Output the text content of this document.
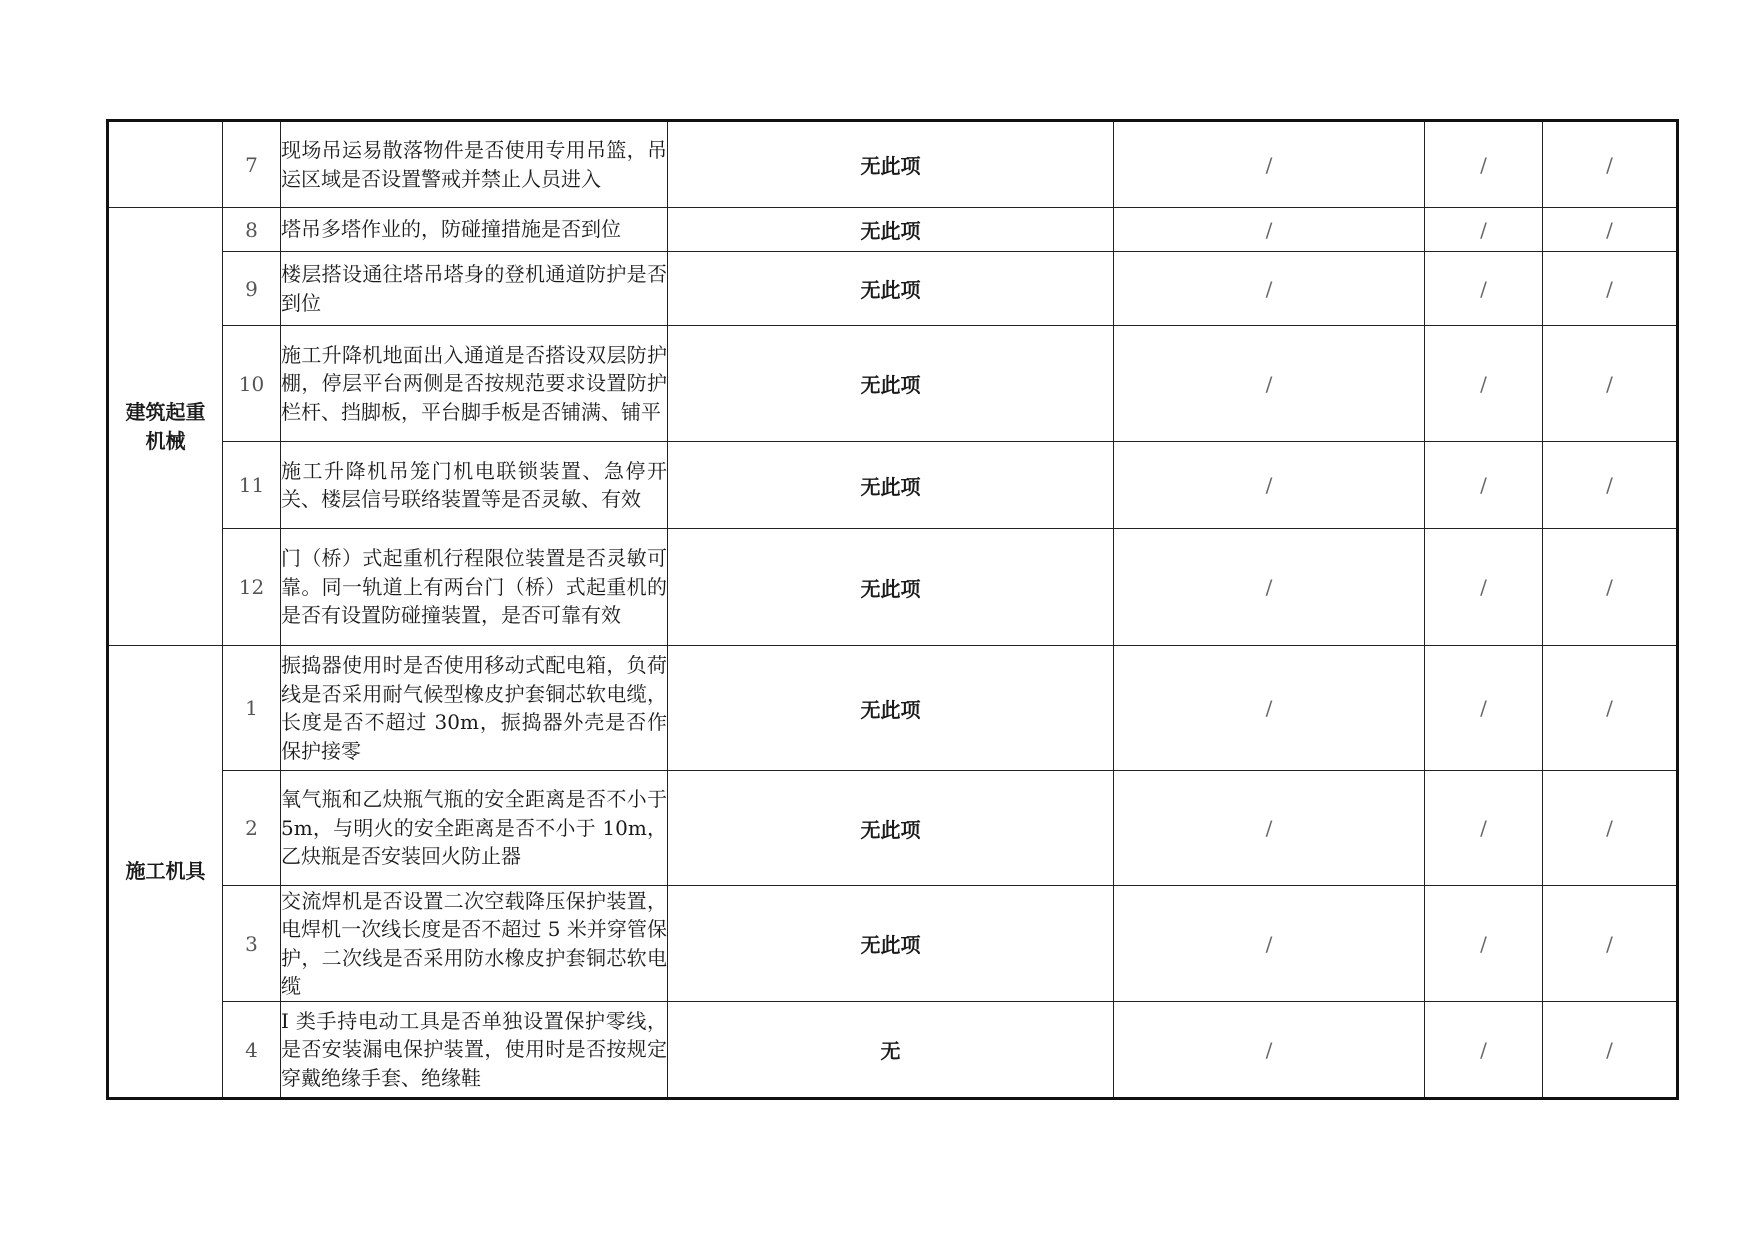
	7	现场吊运易散落物件是否使用专用吊篮，吊运区域是否设置警戒并禁止人员进入	无此项	/	/	/
建筑起重机械	8	塔吊多塔作业的，防碰撞措施是否到位	无此项	/	/	/
	9	楼层搭设通往塔吊塔身的登机通道防护是否到位	无此项	/	/	/
	10	施工升降机地面出入通道是否搭设双层防护棚，停层平台两侧是否按规范要求设置防护栏杆、挡脚板，平台脚手板是否铺满、铺平	无此项	/	/	/
	11	施工升降机吊笼门机电联锁装置、急停开关、楼层信号联络装置等是否灵敏、有效	无此项	/	/	/
	12	门（桥）式起重机行程限位装置是否灵敏可靠。同一轨道上有两台门（桥）式起重机的是否有设置防碰撞装置，是否可靠有效	无此项	/	/	/
施工机具	1	振捣器使用时是否使用移动式配电箱，负荷线是否采用耐气候型橡皮护套铜芯软电缆，长度是否不超过 30m，振捣器外壳是否作保护接零	无此项	/	/	/
	2	氧气瓶和乙炔瓶气瓶的安全距离是否不小于 5m，与明火的安全距离是否不小于 10m，乙炔瓶是否安装回火防止器	无此项	/	/	/
	3	交流焊机是否设置二次空载降压保护装置，电焊机一次线长度是否不超过 5 米并穿管保护，二次线是否采用防水橡皮护套铜芯软电缆	无此项	/	/	/
	4	I 类手持电动工具是否单独设置保护零线，是否安装漏电保护装置，使用时是否按规定穿戴绝缘手套、绝缘鞋	无	/	/	/
